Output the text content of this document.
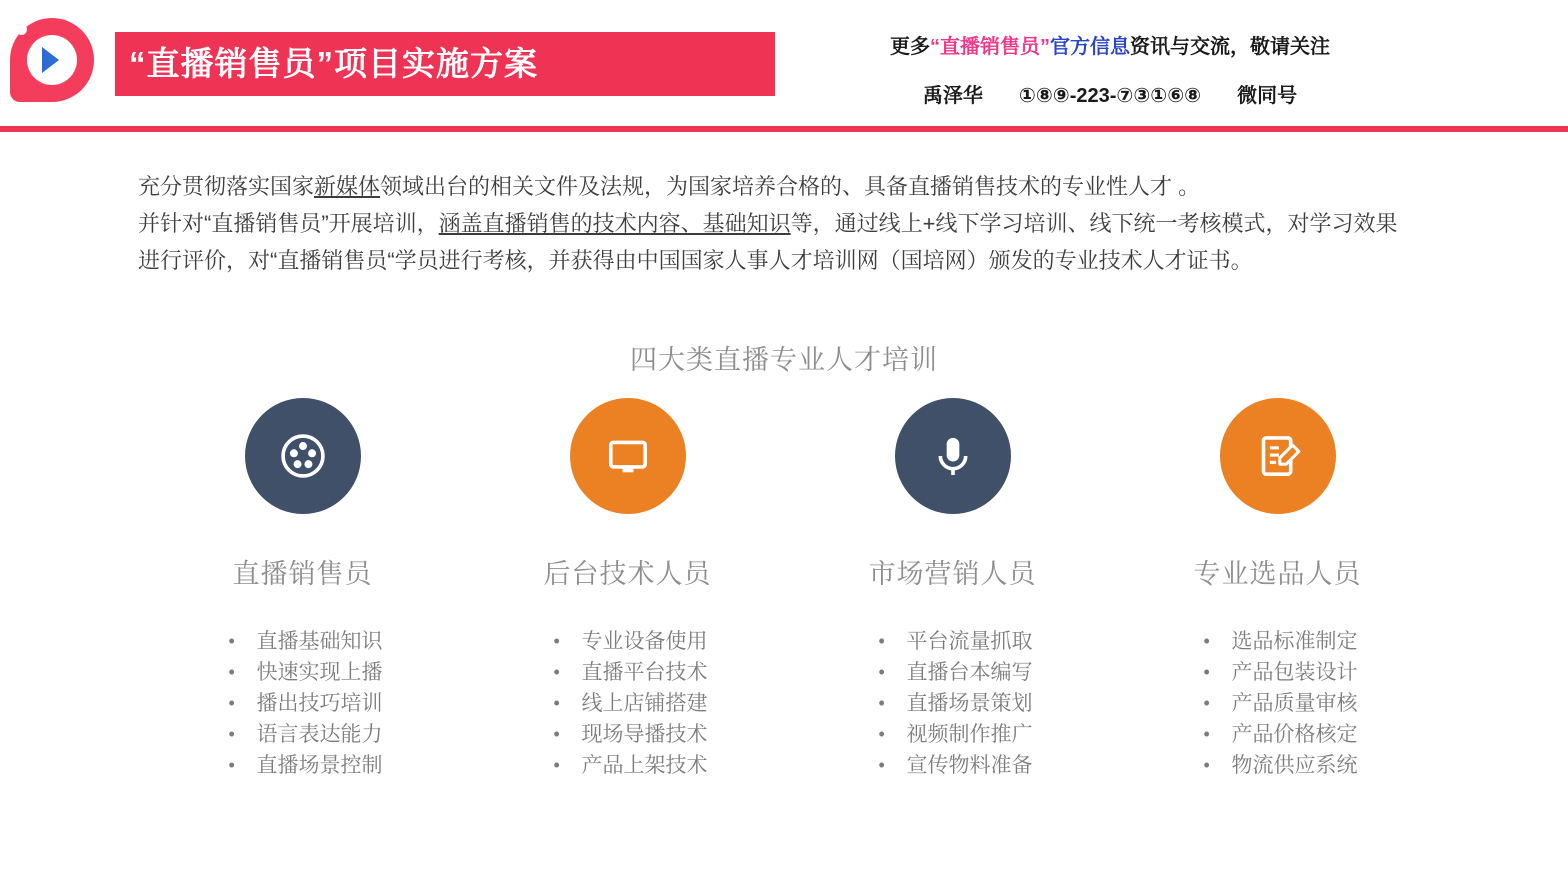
“直播销售员”项目实施方案	更多“直播销售员”官方信息资讯与交流，敬请关注
禹泽华 ①⑧⑨-223-⑦③①⑥⑧ 微同号
充分贯彻落实国家新媒体领域出台的相关文件及法规，为国家培养合格的、具备直播销售技术的专业性人才 。
并针对“直播销售员”开展培训，涵盖直播销售的技术内容、基础知识等，通过线上+线下学习培训、线下统一考核模式，对学习效果进行评价，对“直播销售员“学员进行考核，并获得由中国国家人事人才培训网（国培网）颁发的专业技术人才证书。
四大类直播专业人才培训
直播销售员
• 直播基础知识
• 快速实现上播
• 播出技巧培训
• 语言表达能力
• 直播场景控制
后台技术人员
• 专业设备使用
• 直播平台技术
• 线上店铺搭建
• 现场导播技术
• 产品上架技术
市场营销人员
• 平台流量抓取
• 直播台本编写
• 直播场景策划
• 视频制作推广
• 宣传物料准备
专业选品人员
• 选品标准制定
• 产品包装设计
• 产品质量审核
• 产品价格核定
• 物流供应系统
